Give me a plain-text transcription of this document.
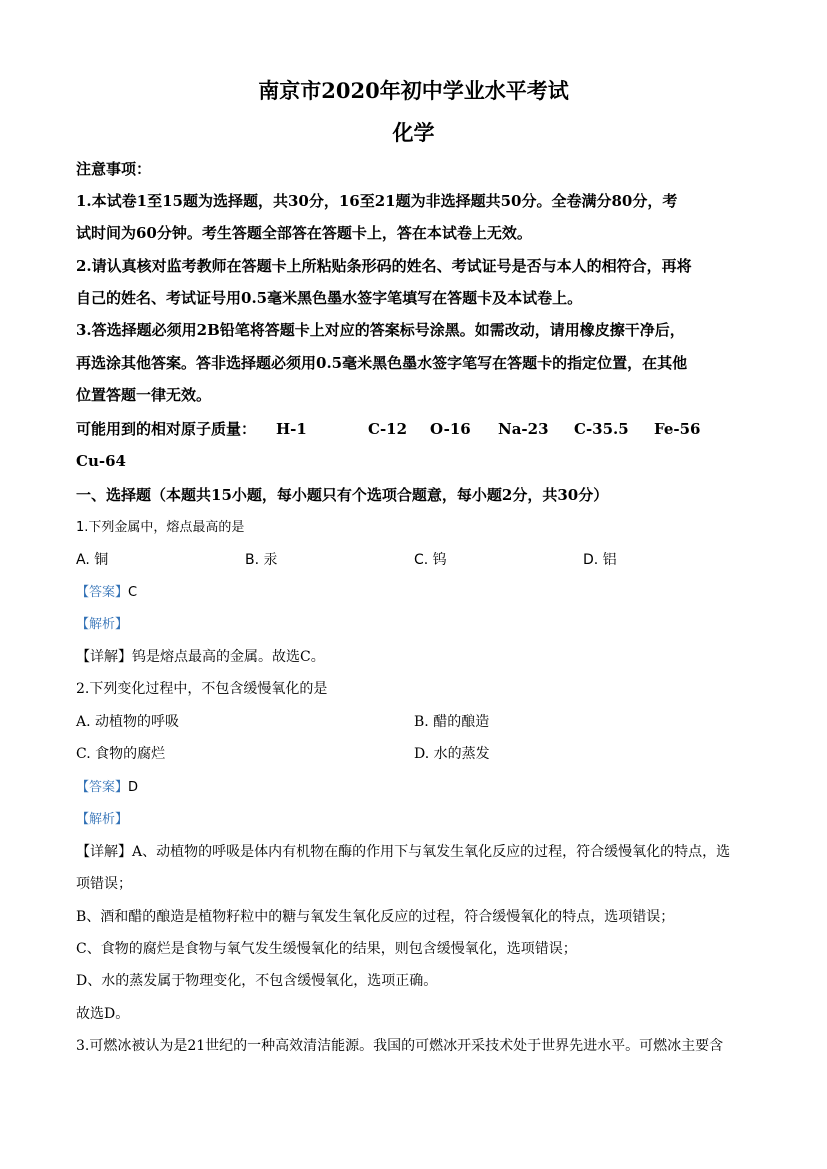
南京市2020年初中学业水平考试
化学
注意事项：
1.本试卷1至15题为选择题，共30分，16至21题为非选择题共50分。全卷满分80分，考
试时间为60分钟。考生答题全部答在答题卡上，答在本试卷上无效。
2.请认真核对监考教师在答题卡上所粘贴条形码的姓名、考试证号是否与本人的相符合，再将
自己的姓名、考试证号用0.5毫米黑色墨水签字笔填写在答题卡及本试卷上。
3.答选择题必须用2B铅笔将答题卡上对应的答案标号涂黑。如需改动，请用橡皮擦干净后，
再选涂其他答案。答非选择题必须用0.5毫米黑色墨水签字笔写在答题卡的指定位置，在其他
位置答题一律无效。
可能用到的相对原子质量： H-1	C-12 O-16 Na-23 C-35.5 Fe-56
Cu-64
一、选择题（本题共15小题，每小题只有个选项合题意，每小题2分，共30分）
1.下列金属中，熔点最高的是
A. 铜	B. 汞	C. 钨	D. 铝
【答案】C
【解析】
【详解】钨是熔点最高的金属。故选C。
2.下列变化过程中，不包含缓慢氧化的是
A. 动植物的呼吸	B. 醋的酿造
C. 食物的腐烂	D. 水的蒸发
【答案】D
【解析】
【详解】A、动植物的呼吸是体内有机物在酶的作用下与氧发生氧化反应的过程，符合缓慢氧化的特点，选
项错误；
B、酒和醋的酿造是植物籽粒中的糖与氧发生氧化反应的过程，符合缓慢氧化的特点，选项错误；
C、食物的腐烂是食物与氧气发生缓慢氧化的结果，则包含缓慢氧化，选项错误；
D、水的蒸发属于物理变化，不包含缓慢氧化，选项正确。
故选D。
3.可燃冰被认为是21世纪的一种高效清洁能源。我国的可燃冰开采技术处于世界先进水平。可燃冰主要含
